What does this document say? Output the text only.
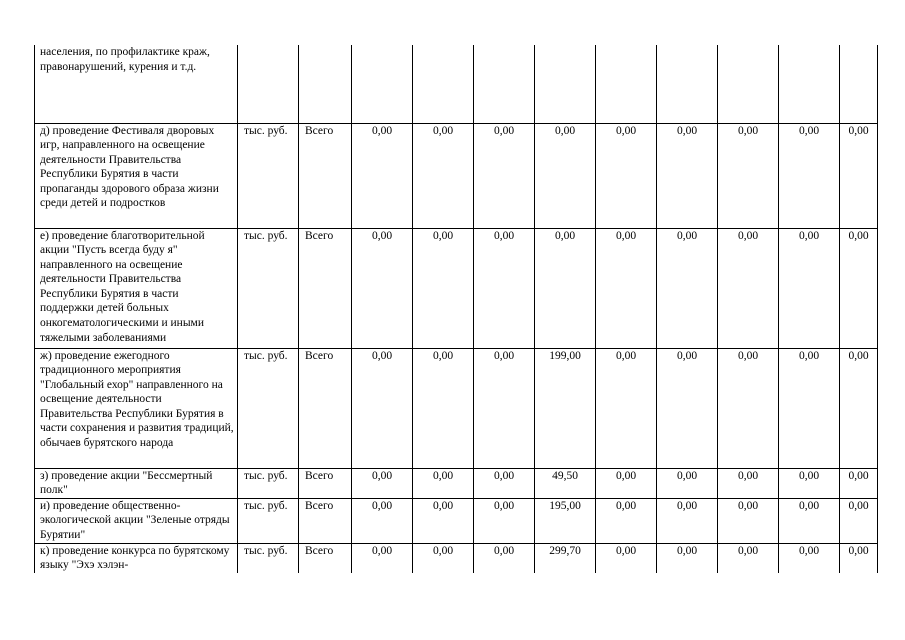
населения, по профилактике краж, правонарушений, курения и т.д.											
д) проведение Фестиваля дворовых игр, направленного на освещение деятельности Правительства Республики Бурятия в части пропаганды здорового образа жизни среди детей и подростков	тыс. руб.	Всего	0,00	0,00	0,00	0,00	0,00	0,00	0,00	0,00	0,00
е) проведение благотворительной акции "Пусть всегда буду я" направленного на освещение деятельности Правительства Республики Бурятия в части поддержки детей больных онкогематологическими и иными тяжелыми заболеваниями	тыс. руб.	Всего	0,00	0,00	0,00	0,00	0,00	0,00	0,00	0,00	0,00
ж) проведение ежегодного традиционного мероприятия "Глобальный ехор" направленного на освещение деятельности Правительства Республики Бурятия в части сохранения и развития традиций, обычаев бурятского народа	тыс. руб.	Всего	0,00	0,00	0,00	199,00	0,00	0,00	0,00	0,00	0,00
з) проведение акции "Бессмертный полк"	тыс. руб.	Всего	0,00	0,00	0,00	49,50	0,00	0,00	0,00	0,00	0,00
и) проведение общественно- экологической акции "Зеленые отряды Бурятии"	тыс. руб.	Всего	0,00	0,00	0,00	195,00	0,00	0,00	0,00	0,00	0,00
к) проведение конкурса по бурятскому языку "Эхэ хэлэн-	тыс. руб.	Всего	0,00	0,00	0,00	299,70	0,00	0,00	0,00	0,00	0,00
